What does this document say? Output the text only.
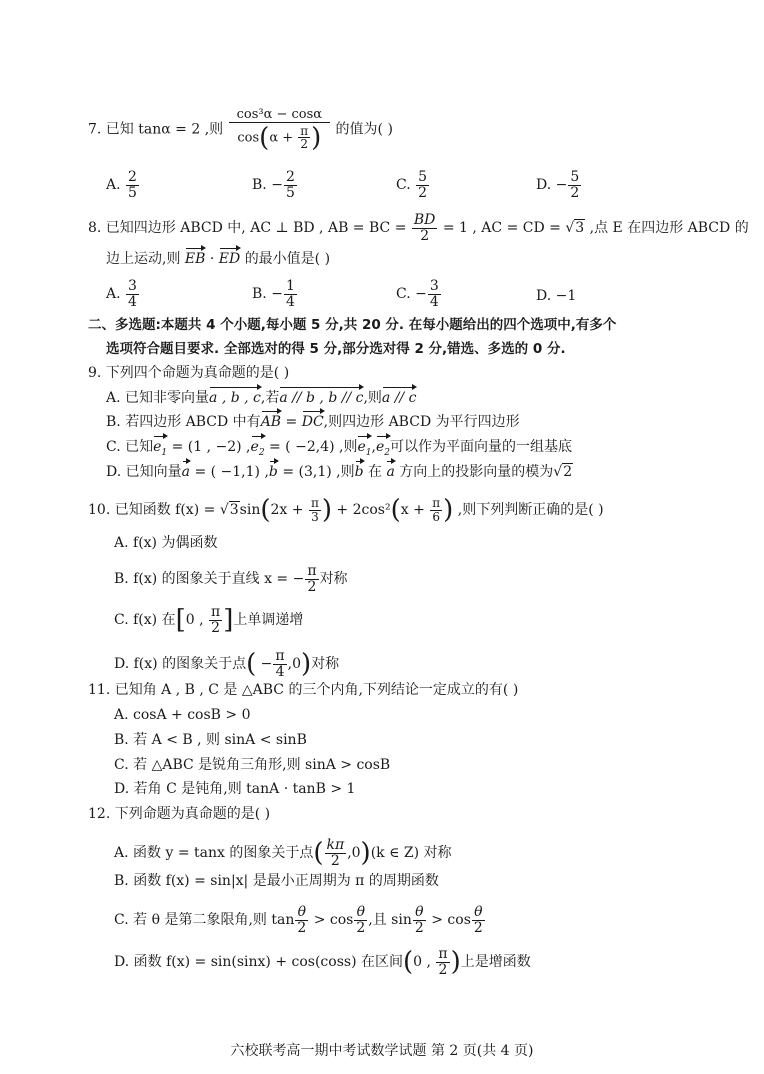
7. 已知 tanα = 2 ,则 $\frac{\text{cos³α − cosα}}{\cos(\alpha + \frac{\pi}{2} )}$ 的值为( )
A. $\frac{2}{5}$	B. − $\frac{2}{5}$	C. $\frac{5}{2}$	D. − $\frac{5}{2}$
8. 已知四边形 ABCD 中, AC ⊥ BD , AB = BC = $\frac{BD}{2} = 1$ , AC = CD = √3 ,点 E 在四边形 ABCD 的
边上运动,则 EB · ED 的最小值是( )
A. $\frac{3}{4}$	B. − $\frac{1}{4}$	C. − $\frac{3}{4}$	D. −1
二、多选题:本题共 4 个小题,每小题 5 分,共 20 分. 在每小题给出的四个选项中,有多个
选项符合题目要求. 全部选对的得 5 分,部分选对得 2 分,错选、多选的 0 分.
9. 下列四个命题为真命题的是( )
A. 已知非零向量a , b , c,若a // b , b // c,则a // c
B. 若四边形 ABCD 中有AB = DC,则四边形 ABCD 为平行四边形
C. 已知$e_1 = (1$ , −2) $,e_2$ = ( −2,4) ,则$e_1,e_2$可以作为平面向量的一组基底
D. 已知向量a = ( −1,1) ,b = (3,1) ,则b 在 a 方向上的投影向量的模为√2
10. 已知函数 $f(x) = √3\sin(2x + \frac{\pi}{3}$ ) + $2\cos^2(x + \frac{\pi}{6}$ ) ,则下列判断正确的是( )
A. f(x) 为偶函数
B. f(x) 的图象关于直线 x = − $\frac{\pi}{2}$ 对称
C. f(x) 在[0 , $\frac{\pi}{2}$ ]上单调递增
D. f(x) 的图象关于点( − $\frac{\pi}{4} ,0$)对称
11. 已知角 A , B , C 是 △ABC 的三个内角,下列结论一定成立的有( )
A. cosA + cosB > 0
B. 若 A < B , 则 sinA < sinB
C. 若 △ABC 是锐角三角形,则 sinA > cosB
D. 若角 C 是钝角,则 tanA · tanB > 1
12. 下列命题为真命题的是( )
A. 函数 y = tanx 的图象关于点( $\frac{k\pi}{2} ,0)(k$ ∈ Z) 对称
B. 函数 f(x) = sin|x| 是最小正周期为 π 的周期函数
C. 若 θ 是第二象限角,则 $\tan \frac{\theta}{2} > \cos \frac{\theta}{2}$ ,且 $\sin \frac{\theta}{2} > \cos \frac{\theta}{2}$
D. 函数 f(x) = sin(sinx) + cos(coss) 在区间(0 , $\frac{\pi}{2}$ )上是增函数
六校联考高一期中考试数学试题 第 2 页(共 4 页)
